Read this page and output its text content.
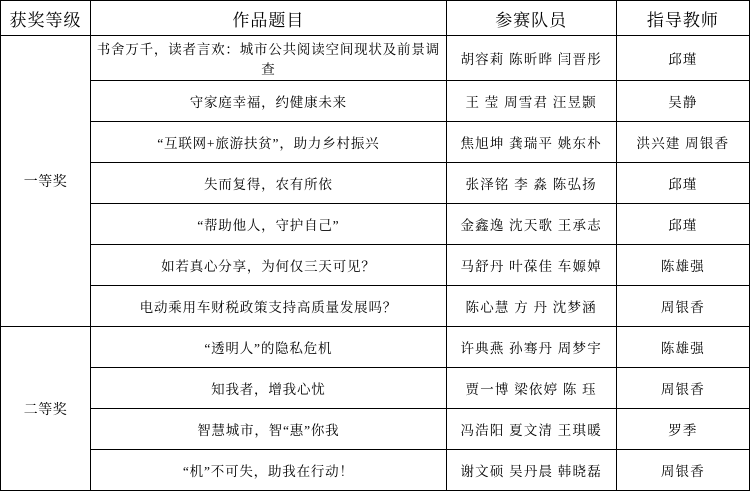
获奖等级	作品题目	参赛队员	指导教师
一等奖	书舍万千，读者言欢：城市公共阅读空间现状及前景调查	胡容莉 陈昕晔 闫晋彤	邱瑾
	守家庭幸福，约健康未来	王 莹 周雪君 汪昱颢	吴静
	“互联网+旅游扶贫”，助力乡村振兴	焦旭坤 龚瑞平 姚东朴	洪兴建 周银香
	失而复得，农有所依	张泽铭 李 淼 陈弘扬	邱瑾
	“帮助他人，守护自己”	金鑫逸 沈天歌 王承志	邱瑾
	如若真心分享，为何仅三天可见？	马舒丹 叶葆佳 车嫄婥	陈雄强
	电动乘用车财税政策支持高质量发展吗？	陈心慧 方 丹 沈梦涵	周银香
二等奖	“透明人”的隐私危机	许典燕 孙骞丹 周梦宇	陈雄强
	知我者，增我心忧	贾一博 梁依婷 陈 珏	周银香
	智慧城市，智“惠”你我	冯浩阳 夏文清 王琪暖	罗季
	“机”不可失，助我在行动！	谢文硕 吴丹晨 韩晓磊	周银香
